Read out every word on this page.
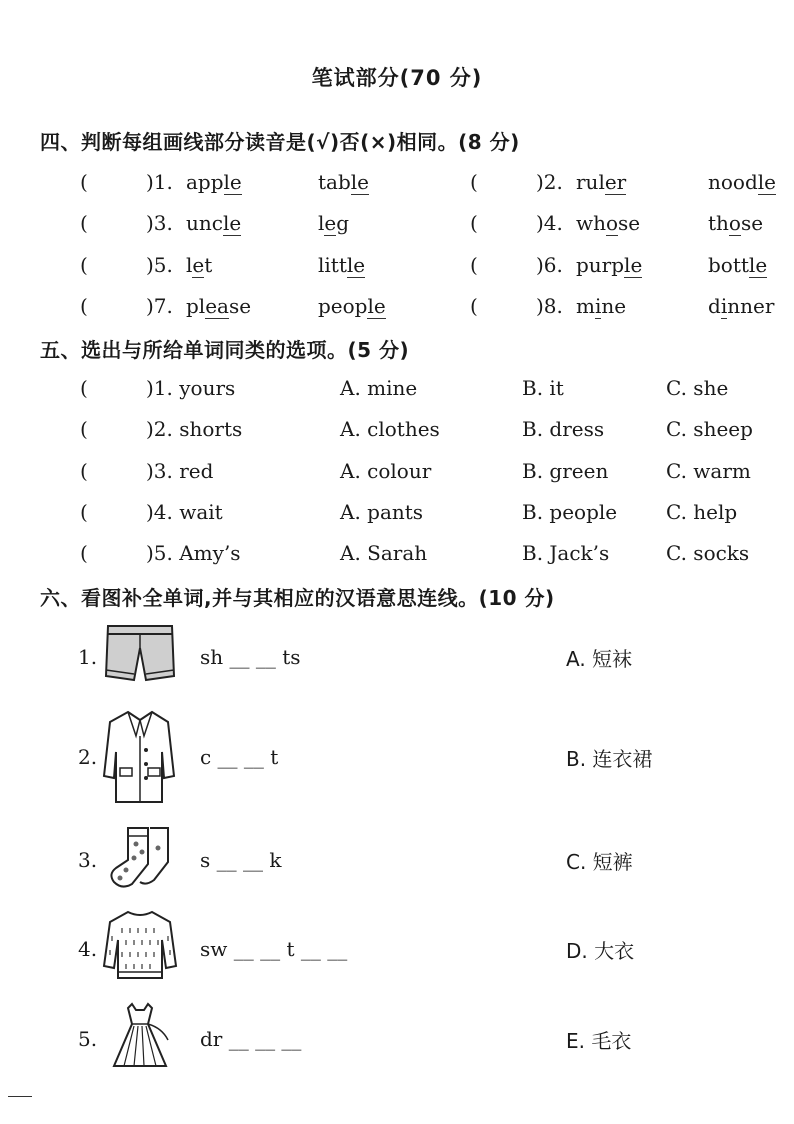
笔试部分(70 分)
四、判断每组画线部分读音是(√)否(×)相同。(8 分)
(	)1. apple	table	(	)2. ruler	noodle
(	)3. uncle	leg	(	)4. whose	those
(	)5. let	little	(	)6. purple	bottle
(	)7. please	people	(	)8. mine	dinner
五、选出与所给单词同类的选项。(5 分)
(	)1. yours	A. mine	B. it	C. she
(	)2. shorts	A. clothes	B. dress	C. sheep
(	)3. red	A. colour	B. green	C. warm
(	)4. wait	A. pants	B. people C. help
(	)5. Amy’s	A. Sarah	B. Jack’s	C. socks
六、看图补全单词,并与其相应的汉语意思连线。(10 分)
1.	sh __ __ ts	A. 短袜
2.	c __ __ t	B. 连衣裙
3.	s __ __ k	C. 短裤
4.	sw __ __ t __ __	D. 大衣
5.	dr __ __ __	E. 毛衣
